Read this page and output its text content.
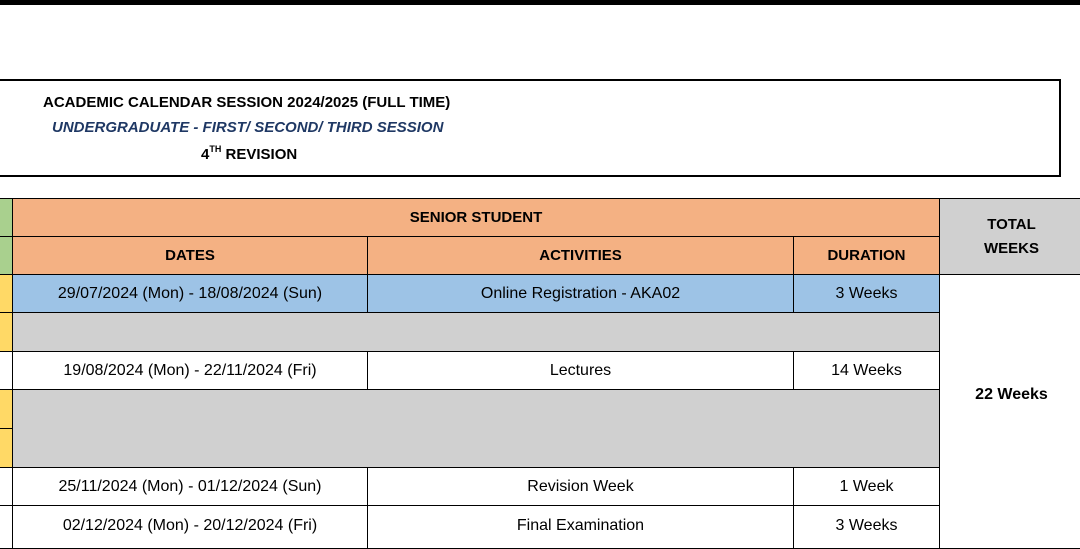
ACADEMIC CALENDAR SESSION 2024/2025 (FULL TIME)
UNDERGRADUATE - FIRST/ SECOND/ THIRD SESSION
4TH REVISION
SENIOR STUDENT
DATES	ACTIVITIES	DURATION
TOTAL WEEKS
29/07/2024 (Mon) - 18/08/2024 (Sun)	Online Registration - AKA02	3 Weeks
19/08/2024 (Mon) - 22/11/2024 (Fri)	Lectures	14 Weeks
25/11/2024 (Mon) - 01/12/2024 (Sun)	Revision Week	1 Week
02/12/2024 (Mon) - 20/12/2024 (Fri)	Final Examination	3 Weeks
22 Weeks
